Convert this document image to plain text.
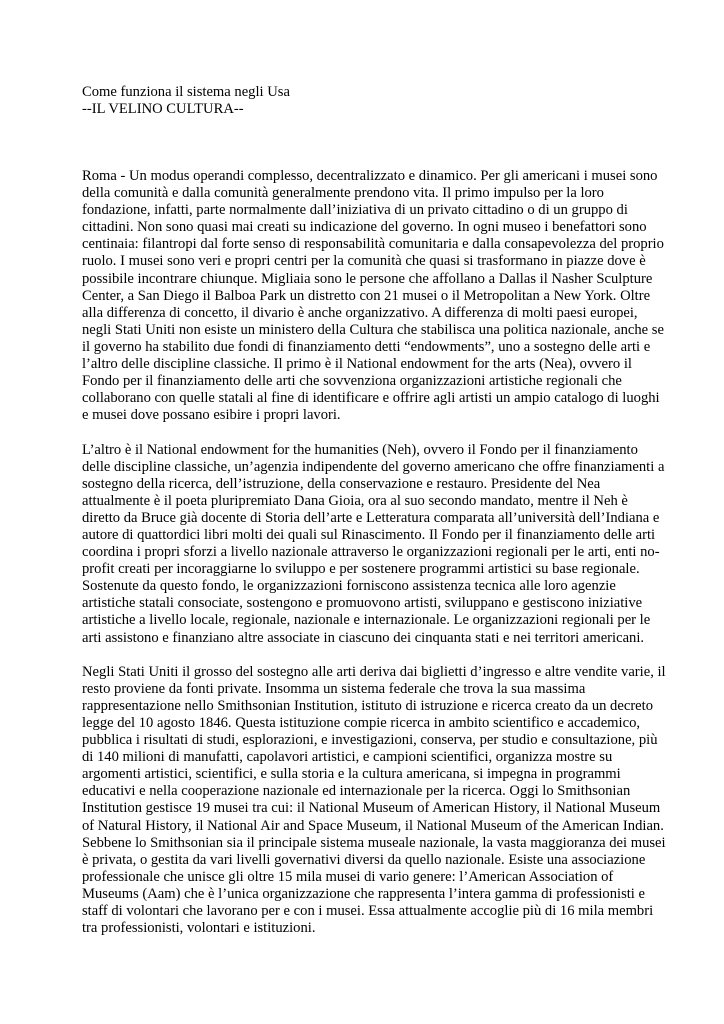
Come funziona il sistema negli Usa
--IL VELINO CULTURA--
Roma - Un modus operandi complesso, decentralizzato e dinamico. Per gli americani i musei sono
della comunità e dalla comunità generalmente prendono vita. Il primo impulso per la loro
fondazione, infatti, parte normalmente dall’iniziativa di un privato cittadino o di un gruppo di
cittadini. Non sono quasi mai creati su indicazione del governo. In ogni museo i benefattori sono
centinaia: filantropi dal forte senso di responsabilità comunitaria e dalla consapevolezza del proprio
ruolo. I musei sono veri e propri centri per la comunità che quasi si trasformano in piazze dove è
possibile incontrare chiunque. Migliaia sono le persone che affollano a Dallas il Nasher Sculpture
Center, a San Diego il Balboa Park un distretto con 21 musei o il Metropolitan a New York. Oltre
alla differenza di concetto, il divario è anche organizzativo. A differenza di molti paesi europei,
negli Stati Uniti non esiste un ministero della Cultura che stabilisca una politica nazionale, anche se
il governo ha stabilito due fondi di finanziamento detti “endowments”, uno a sostegno delle arti e
l’altro delle discipline classiche. Il primo è il National endowment for the arts (Nea), ovvero il
Fondo per il finanziamento delle arti che sovvenziona organizzazioni artistiche regionali che
collaborano con quelle statali al fine di identificare e offrire agli artisti un ampio catalogo di luoghi
e musei dove possano esibire i propri lavori.
L’altro è il National endowment for the humanities (Neh), ovvero il Fondo per il finanziamento
delle discipline classiche, un’agenzia indipendente del governo americano che offre finanziamenti a
sostegno della ricerca, dell’istruzione, della conservazione e restauro. Presidente del Nea
attualmente è il poeta pluripremiato Dana Gioia, ora al suo secondo mandato, mentre il Neh è
diretto da Bruce già docente di Storia dell’arte e Letteratura comparata all’università dell’Indiana e
autore di quattordici libri molti dei quali sul Rinascimento. Il Fondo per il finanziamento delle arti
coordina i propri sforzi a livello nazionale attraverso le organizzazioni regionali per le arti, enti no-
profit creati per incoraggiarne lo sviluppo e per sostenere programmi artistici su base regionale.
Sostenute da questo fondo, le organizzazioni forniscono assistenza tecnica alle loro agenzie
artistiche statali consociate, sostengono e promuovono artisti, sviluppano e gestiscono iniziative
artistiche a livello locale, regionale, nazionale e internazionale. Le organizzazioni regionali per le
arti assistono e finanziano altre associate in ciascuno dei cinquanta stati e nei territori americani.
Negli Stati Uniti il grosso del sostegno alle arti deriva dai biglietti d’ingresso e altre vendite varie, il
resto proviene da fonti private. Insomma un sistema federale che trova la sua massima
rappresentazione nello Smithsonian Institution, istituto di istruzione e ricerca creato da un decreto
legge del 10 agosto 1846. Questa istituzione compie ricerca in ambito scientifico e accademico,
pubblica i risultati di studi, esplorazioni, e investigazioni, conserva, per studio e consultazione, più
di 140 milioni di manufatti, capolavori artistici, e campioni scientifici, organizza mostre su
argomenti artistici, scientifici, e sulla storia e la cultura americana, si impegna in programmi
educativi e nella cooperazione nazionale ed internazionale per la ricerca. Oggi lo Smithsonian
Institution gestisce 19 musei tra cui: il National Museum of American History, il National Museum
of Natural History, il National Air and Space Museum, il National Museum of the American Indian.
Sebbene lo Smithsonian sia il principale sistema museale nazionale, la vasta maggioranza dei musei
è privata, o gestita da vari livelli governativi diversi da quello nazionale. Esiste una associazione
professionale che unisce gli oltre 15 mila musei di vario genere: l’American Association of
Museums (Aam) che è l’unica organizzazione che rappresenta l’intera gamma di professionisti e
staff di volontari che lavorano per e con i musei. Essa attualmente accoglie più di 16 mila membri
tra professionisti, volontari e istituzioni.
